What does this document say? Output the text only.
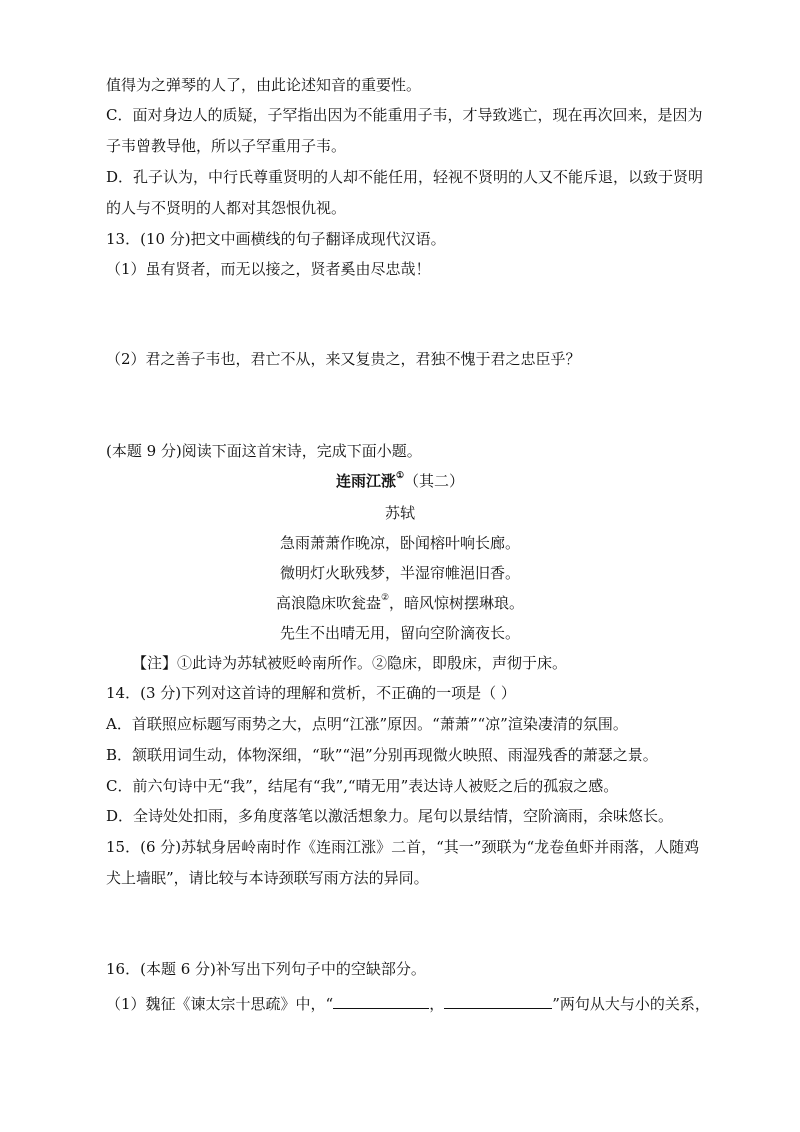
值得为之弹琴的人了，由此论述知音的重要性。
C．面对身边人的质疑，子罕指出因为不能重用子韦，才导致逃亡，现在再次回来，是因为
子韦曾教导他，所以子罕重用子韦。
D．孔子认为，中行氏尊重贤明的人却不能任用，轻视不贤明的人又不能斥退，以致于贤明
的人与不贤明的人都对其怨恨仇视。
13．(10 分)把文中画横线的句子翻译成现代汉语。
（1）虽有贤者，而无以接之，贤者奚由尽忠哉！
（2）君之善子韦也，君亡不从，来又复贵之，君独不愧于君之忠臣乎？
(本题 9 分)阅读下面这首宋诗，完成下面小题。
连雨江涨①（其二）
苏轼
急雨萧萧作晚凉，卧闻榕叶响长廊。
微明灯火耿残梦，半湿帘帷浥旧香。
高浪隐床吹瓮盎②，暗风惊树摆琳琅。
先生不出晴无用，留向空阶滴夜长。
【注】①此诗为苏轼被贬岭南所作。②隐床，即殷床，声彻于床。
14．(3 分)下列对这首诗的理解和赏析，不正确的一项是（ ）
A．首联照应标题写雨势之大，点明“江涨”原因。“萧萧”“凉”渲染凄清的氛围。
B．颔联用词生动，体物深细，“耿”“浥”分别再现微火映照、雨湿残香的萧瑟之景。
C．前六句诗中无“我”，结尾有“我”,“晴无用”表达诗人被贬之后的孤寂之感。
D．全诗处处扣雨，多角度落笔以激活想象力。尾句以景结情，空阶滴雨，余味悠长。
15．(6 分)苏轼身居岭南时作《连雨江涨》二首，“其一”颈联为“龙卷鱼虾并雨落，人随鸡
犬上墙眠”，请比较与本诗颈联写雨方法的异同。
16．(本题 6 分)补写出下列句子中的空缺部分。
（1）魏征《谏太宗十思疏》中，“	，	”两句从大与小的关系，
